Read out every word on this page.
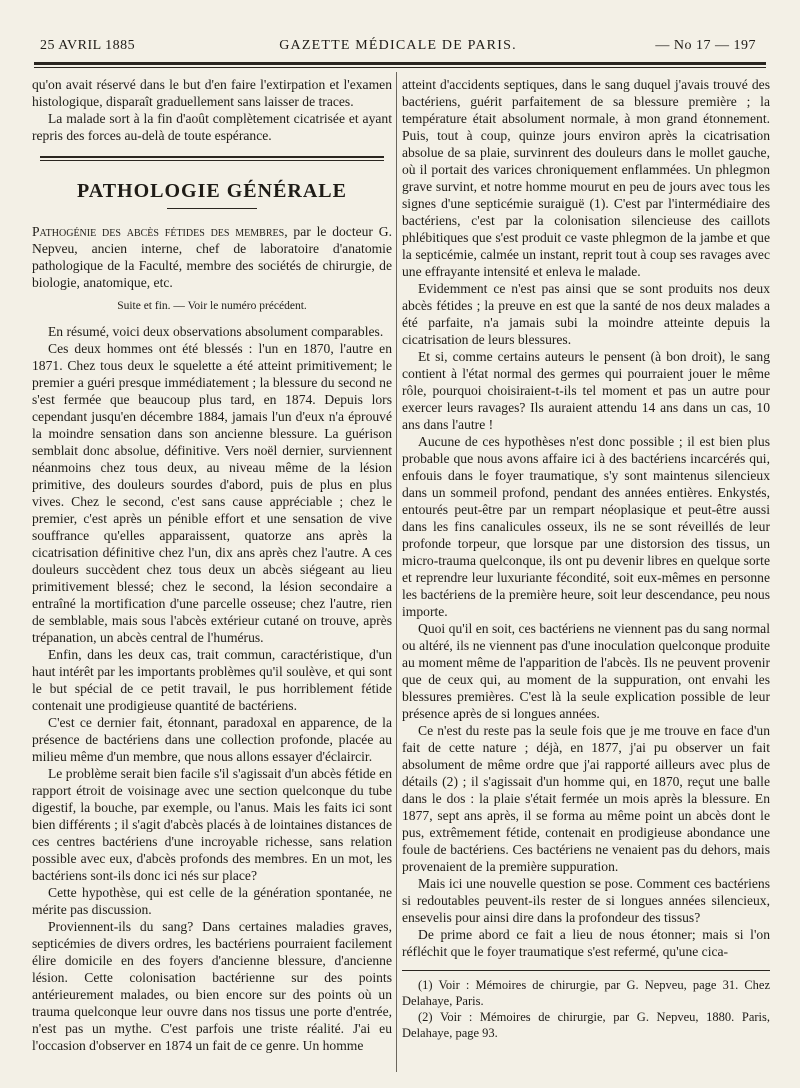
25 AVRIL 1885	GAZETTE MÉDICALE DE PARIS.	— No 17 — 197

qu'on avait réservé dans le but d'en faire l'extirpation et l'examen histologique, disparaît graduellement sans laisser de traces.

La malade sort à la fin d'août complètement cicatrisée et ayant repris des forces au-delà de toute espérance.

PATHOLOGIE GÉNÉRALE

Pathogénie des abcès fétides des membres, par le docteur G. Nepveu, ancien interne, chef de laboratoire d'anatomie pathologique de la Faculté, membre des sociétés de chirurgie, de biologie, anatomique, etc.

Suite et fin. — Voir le numéro précédent.

En résumé, voici deux observations absolument comparables.

Ces deux hommes ont été blessés : l'un en 1870, l'autre en 1871. Chez tous deux le squelette a été atteint primitivement; le premier a guéri presque immédiatement ; la blessure du second ne s'est fermée que beaucoup plus tard, en 1874. Depuis lors cependant jusqu'en décembre 1884, jamais l'un d'eux n'a éprouvé la moindre sensation dans son ancienne blessure. La guérison semblait donc absolue, définitive. Vers noël dernier, surviennent néanmoins chez tous deux, au niveau même de la lésion primitive, des douleurs sourdes d'abord, puis de plus en plus vives. Chez le second, c'est sans cause appréciable ; chez le premier, c'est après un pénible effort et une sensation de vive souffrance qu'elles apparaissent, quatorze ans après la cicatrisation définitive chez l'un, dix ans après chez l'autre. A ces douleurs succèdent chez tous deux un abcès siégeant au lieu primitivement blessé; chez le second, la lésion secondaire a entraîné la mortification d'une parcelle osseuse; chez l'autre, rien de semblable, mais sous l'abcès extérieur cutané on trouve, après trépanation, un abcès central de l'humérus.

Enfin, dans les deux cas, trait commun, caractéristique, d'un haut intérêt par les importants problèmes qu'il soulève, et qui sont le but spécial de ce petit travail, le pus horriblement fétide contenait une prodigieuse quantité de bactériens.

C'est ce dernier fait, étonnant, paradoxal en apparence, de la présence de bactériens dans une collection profonde, placée au milieu même d'un membre, que nous allons essayer d'éclaircir.

Le problème serait bien facile s'il s'agissait d'un abcès fétide en rapport étroit de voisinage avec une section quelconque du tube digestif, la bouche, par exemple, ou l'anus. Mais les faits ici sont bien différents ; il s'agit d'abcès placés à de lointaines distances de ces centres bactériens d'une incroyable richesse, sans relation possible avec eux, d'abcès profonds des membres. En un mot, les bactériens sont-ils donc ici nés sur place?

Cette hypothèse, qui est celle de la génération spontanée, ne mérite pas discussion.

Proviennent-ils du sang? Dans certaines maladies graves, septicémies de divers ordres, les bactériens pourraient facilement élire domicile en des foyers d'ancienne blessure, d'ancienne lésion. Cette colonisation bactérienne sur des points antérieurement malades, ou bien encore sur des points où un trauma quelconque leur ouvre dans nos tissus une porte d'entrée, n'est pas un mythe. C'est parfois une triste réalité. J'ai eu l'occasion d'observer en 1874 un fait de ce genre. Un homme

atteint d'accidents septiques, dans le sang duquel j'avais trouvé des bactériens, guérit parfaitement de sa blessure première ; la température était absolument normale, à mon grand étonnement. Puis, tout à coup, quinze jours environ après la cicatrisation absolue de sa plaie, survinrent des douleurs dans le mollet gauche, où il portait des varices chroniquement enflammées. Un phlegmon grave survint, et notre homme mourut en peu de jours avec tous les signes d'une septicémie suraiguë (1). C'est par l'intermédiaire des bactériens, c'est par la colonisation silencieuse des caillots phlébitiques que s'est produit ce vaste phlegmon de la jambe et que la septicémie, calmée un instant, reprit tout à coup ses ravages avec une effrayante intensité et enleva le malade.

Evidemment ce n'est pas ainsi que se sont produits nos deux abcès fétides ; la preuve en est que la santé de nos deux malades a été parfaite, n'a jamais subi la moindre atteinte depuis la cicatrisation de leurs blessures.

Et si, comme certains auteurs le pensent (à bon droit), le sang contient à l'état normal des germes qui pourraient jouer le même rôle, pourquoi choisiraient-t-ils tel moment et pas un autre pour exercer leurs ravages? Ils auraient attendu 14 ans dans un cas, 10 ans dans l'autre !

Aucune de ces hypothèses n'est donc possible ; il est bien plus probable que nous avons affaire ici à des bactériens incarcérés qui, enfouis dans le foyer traumatique, s'y sont maintenus silencieux dans un sommeil profond, pendant des années entières. Enkystés, entourés peut-être par un rempart néoplasique et peut-être aussi dans les fins canalicules osseux, ils ne se sont réveillés de leur profonde torpeur, que lorsque par une distorsion des tissus, un micro-trauma quelconque, ils ont pu devenir libres en quelque sorte et reprendre leur luxuriante fécondité, soit eux-mêmes en personne les bactériens de la première heure, soit leur descendance, peu nous importe.

Quoi qu'il en soit, ces bactériens ne viennent pas du sang normal ou altéré, ils ne viennent pas d'une inoculation quelconque produite au moment même de l'apparition de l'abcès. Ils ne peuvent provenir que de ceux qui, au moment de la suppuration, ont envahi les blessures premières. C'est là la seule explication possible de leur présence après de si longues années.

Ce n'est du reste pas la seule fois que je me trouve en face d'un fait de cette nature ; déjà, en 1877, j'ai pu observer un fait absolument de même ordre que j'ai rapporté ailleurs avec plus de détails (2) ; il s'agissait d'un homme qui, en 1870, reçut une balle dans le dos : la plaie s'était fermée un mois après la blessure. En 1877, sept ans après, il se forma au même point un abcès dont le pus, extrêmement fétide, contenait en prodigieuse abondance une foule de bactériens. Ces bactériens ne venaient pas du dehors, mais provenaient de la première suppuration.

Mais ici une nouvelle question se pose. Comment ces bactériens si redoutables peuvent-ils rester de si longues années silencieux, ensevelis pour ainsi dire dans la profondeur des tissus?

De prime abord ce fait a lieu de nous étonner; mais si l'on réfléchit que le foyer traumatique s'est refermé, qu'une cica-

(1) Voir : Mémoires de chirurgie, par G. Nepveu, page 31. Chez Delahaye, Paris.

(2) Voir : Mémoires de chirurgie, par G. Nepveu, 1880. Paris, Delahaye, page 93.
